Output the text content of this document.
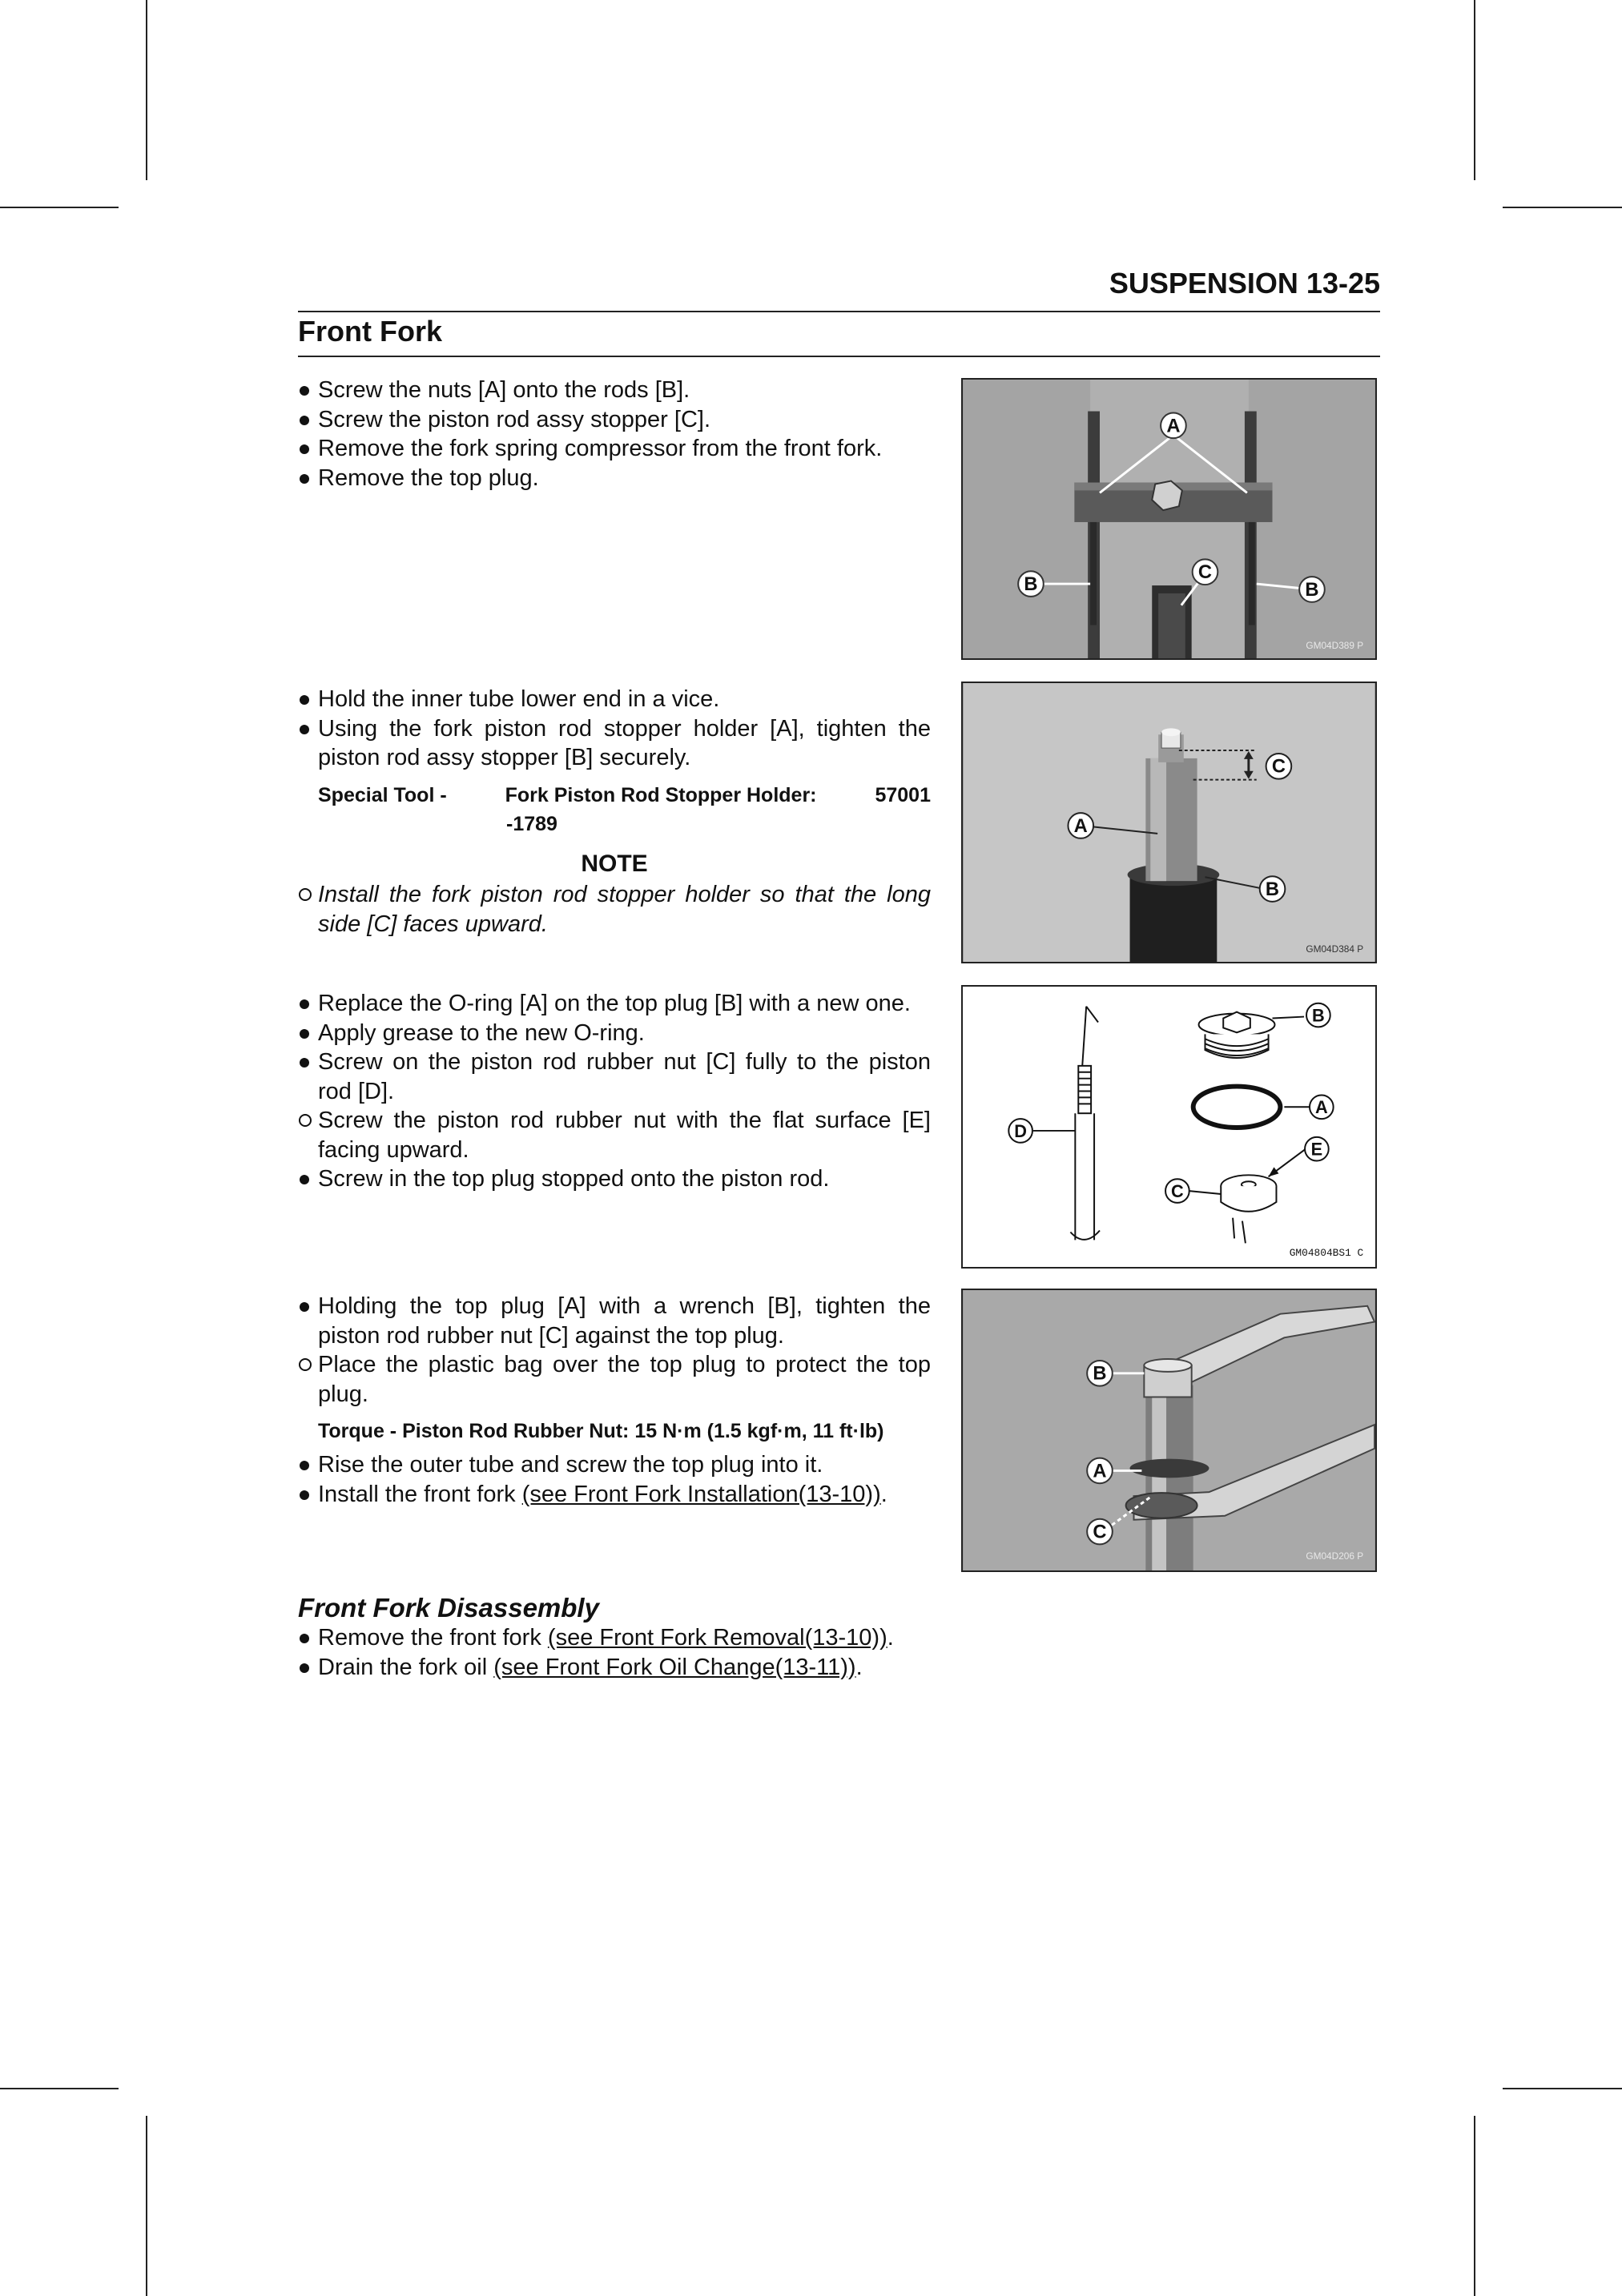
SUSPENSION 13-25
Front Fork
Screw the nuts [A] onto the rods [B].
Screw the piston rod assy stopper [C].
Remove the fork spring compressor from the front fork.
Remove the top plug.
A
B
C
B
GM04D389 P
Hold the inner tube lower end in a vice.
Using the fork piston rod stopper holder [A], tighten the piston rod assy stopper [B] securely.
Special Tool -	Fork Piston Rod Stopper Holder:	57001
-1789
NOTE
Install the fork piston rod stopper holder so that the long side [C] faces upward.
C
A
B
GM04D384 P
Replace the O-ring [A] on the top plug [B] with a new one.
Apply grease to the new O-ring.
Screw on the piston rod rubber nut [C] fully to the piston rod [D].
Screw the piston rod rubber nut with the flat surface [E] facing upward.
Screw in the top plug stopped onto the piston rod.
B
A
E
D
C
GM04804BS1 C
Holding the top plug [A] with a wrench [B], tighten the piston rod rubber nut [C] against the top plug.
Place the plastic bag over the top plug to protect the top plug.
Torque - Piston Rod Rubber Nut: 15 N·m (1.5 kgf·m, 11 ft·lb)
Rise the outer tube and screw the top plug into it.
Install the front fork (see Front Fork Installation(13-10)).
B
A
C
GM04D206 P
Front Fork Disassembly
Remove the front fork (see Front Fork Removal(13-10)).
Drain the fork oil (see Front Fork Oil Change(13-11)).
